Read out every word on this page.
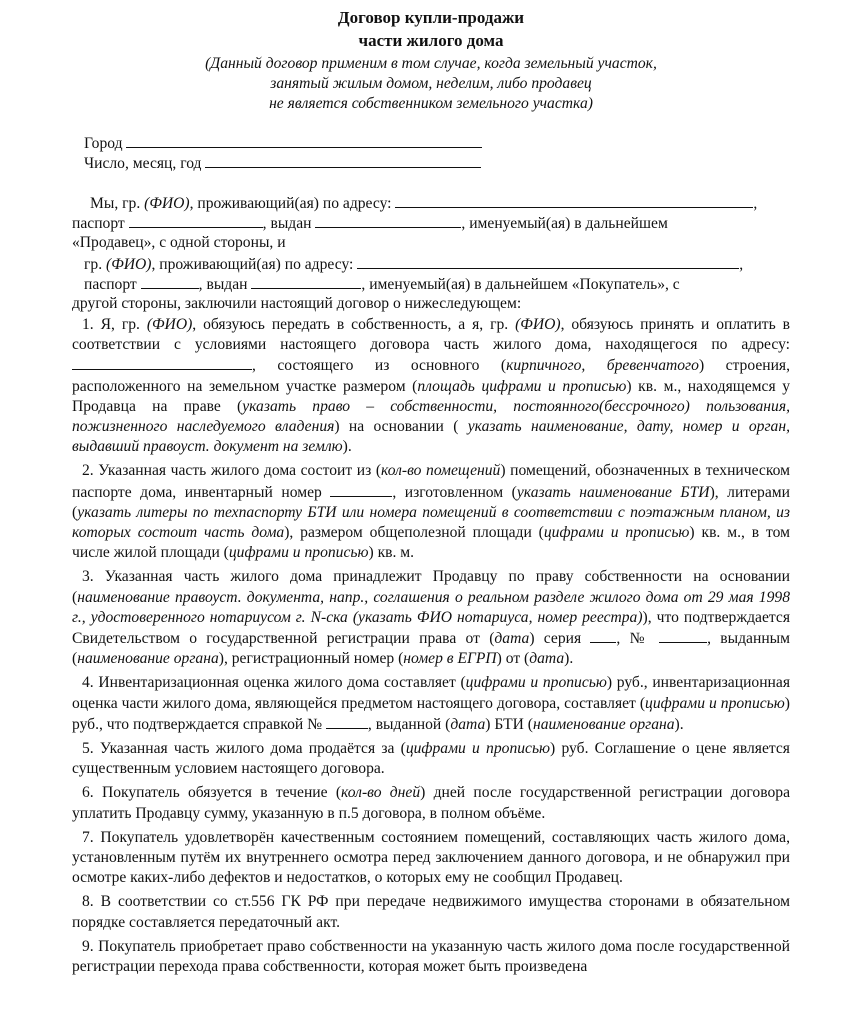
Договор купли-продажи
части жилого дома
(Данный договор применим в том случае, когда земельный участок,
занятый жилым домом, неделим, либо продавец
не является собственником земельного участка)
Город
Число, месяц, год
Мы, гр. (ФИО), проживающий(ая) по адресу:	,
паспорт	, выдан	, именуемый(ая) в дальнейшем
«Продавец», с одной стороны, и
гр. (ФИО), проживающий(ая) по адресу:	,
паспорт	, выдан	, именуемый(ая) в дальнейшем «Покупатель», с
другой стороны, заключили настоящий договор о нижеследующем:

1. Я, гр. (ФИО), обязуюсь передать в собственность, а я, гр. (ФИО), обязуюсь принять и оплатить в соответствии с условиями настоящего договора часть жилого дома, находящегося по адресу: , состоящего из основного (кирпичного, бревенчатого) строения, расположенного на земельном участке размером (площадь цифрами и прописью) кв. м., находящемся у Продавца на праве (указать право – собственности, постоянного(бессрочного) пользования, пожизненного наследуемого владения) на основании ( указать наименование, дату, номер и орган, выдавший правоуст. документ на землю).

2. Указанная часть жилого дома состоит из (кол-во помещений) помещений, обозначенных в техническом паспорте дома, инвентарный номер	, изготовленном (указать наименование БТИ), литерами (указать литеры по техпаспорту БТИ или номера помещений в соответствии с поэтажным планом, из которых состоит часть дома), размером общеполезной площади (цифрами и прописью) кв. м., в том числе жилой площади (цифрами и прописью) кв. м.

3. Указанная часть жилого дома принадлежит Продавцу по праву собственности на основании (наименование правоуст. документа, напр., соглашения о реальном разделе жилого дома от 29 мая 1998 г., удостоверенного нотариусом г. N-ска (указать ФИО нотариуса, номер реестра)), что подтверждается Свидетельством о государственной регистрации права от (дата) серия , №	, выданным (наименование органа), регистрационный номер (номер в ЕГРП) от (дата).

4. Инвентаризационная оценка жилого дома составляет (цифрами и прописью) руб., инвентаризационная оценка части жилого дома, являющейся предметом настоящего договора, составляет (цифрами и прописью) руб., что подтверждается справкой №	, выданной (дата) БТИ (наименование органа).

5. Указанная часть жилого дома продаётся за (цифрами и прописью) руб. Соглашение о цене является существенным условием настоящего договора.

6. Покупатель обязуется в течение (кол-во дней) дней после государственной регистрации договора уплатить Продавцу сумму, указанную в п.5 договора, в полном объёме.

7. Покупатель удовлетворён качественным состоянием помещений, составляющих часть жилого дома, установленным путём их внутреннего осмотра перед заключением данного договора, и не обнаружил при осмотре каких-либо дефектов и недостатков, о которых ему не сообщил Продавец.

8. В соответствии со ст.556 ГК РФ при передаче недвижимого имущества сторонами в обязательном порядке составляется передаточный акт.

9. Покупатель приобретает право собственности на указанную часть жилого дома после государственной регистрации перехода права собственности, которая может быть произведена
